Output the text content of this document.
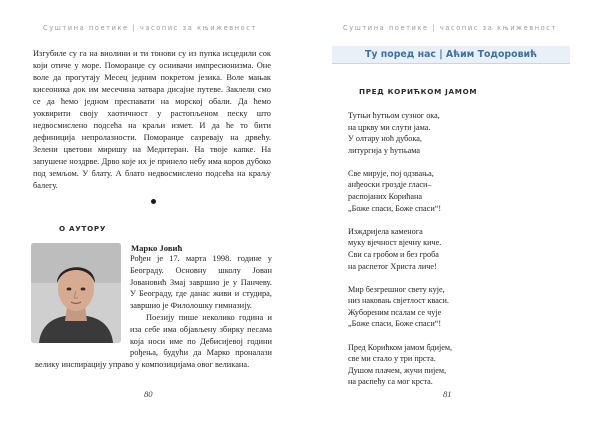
Суштина поетике | часопис за књижевност
Изгубиле су га на виолини и ти тонови су из пупка исцедили сок који отиче у море. Поморанџе су оснивачи импресионизма. Оне воле да прогутају Месец једним покретом језика. Воле мањак кисеоника док им месечина затвара дисајне путеве. Заклели смо се да ћемо једном преспавати на морској обали. Да ћемо уоквирити своју хаотичност у растопљеном песку што недвосмислено подсећа на краљи измет. И да ће то бити дефиниција непролазности. Поморанџе сазревају на дрвећу. Зелени цветови миришу на Медитеран. На твоје капке. На запушене ноздрве. Дрво које их је принело небу има коров дубоко под земљом. У блату. А блато недвосмислено подсећа на краљу балегу.
О АУТОРУ
Марко Јовић

Рођен је 17. марта 1998. године у Београду. Основну школу Јован Јовановић Змај завршио је у Панчеву. У Београду, где данас живи и студира, завршио је Филолошку гимназију.

Поезију пише неколико година и иза себе има објављену збирку песама која носи име по Дебисијевој години рођења, будући да Марко проналази велику инспирацију управо у композицијама овог великана.

80
Суштина поетике | часопис за књижевност
Ту поред нас | Аћим Тодоровић
ПРЕД КОРИЋКОМ ЈАМОМ
Тутњи ћутњом сузног ока,
на цркву ми слути јама.
У олтару ноћ дубока,
литургија у ћутњама
Све мирује, пој одзвања,
анђеоски гроздје гласи–
распојаних Корићана
„Боже спаси, Боже спаси“!
Изждријела каменога
муку вјечност вјечну киче.
Сви са гробом и без гроба
на распетог Христа личе!
Мир безгрешног свету кује,
низ наковањ свјетлост кваси.
Жубореним псалам се чује
„Боже спаси, Боже спаси“!
Пред Корићком јамом бдијем,
све ми стало у три прста.
Душом плачем, жучи пијем,
на распећу са мог крста.
81
